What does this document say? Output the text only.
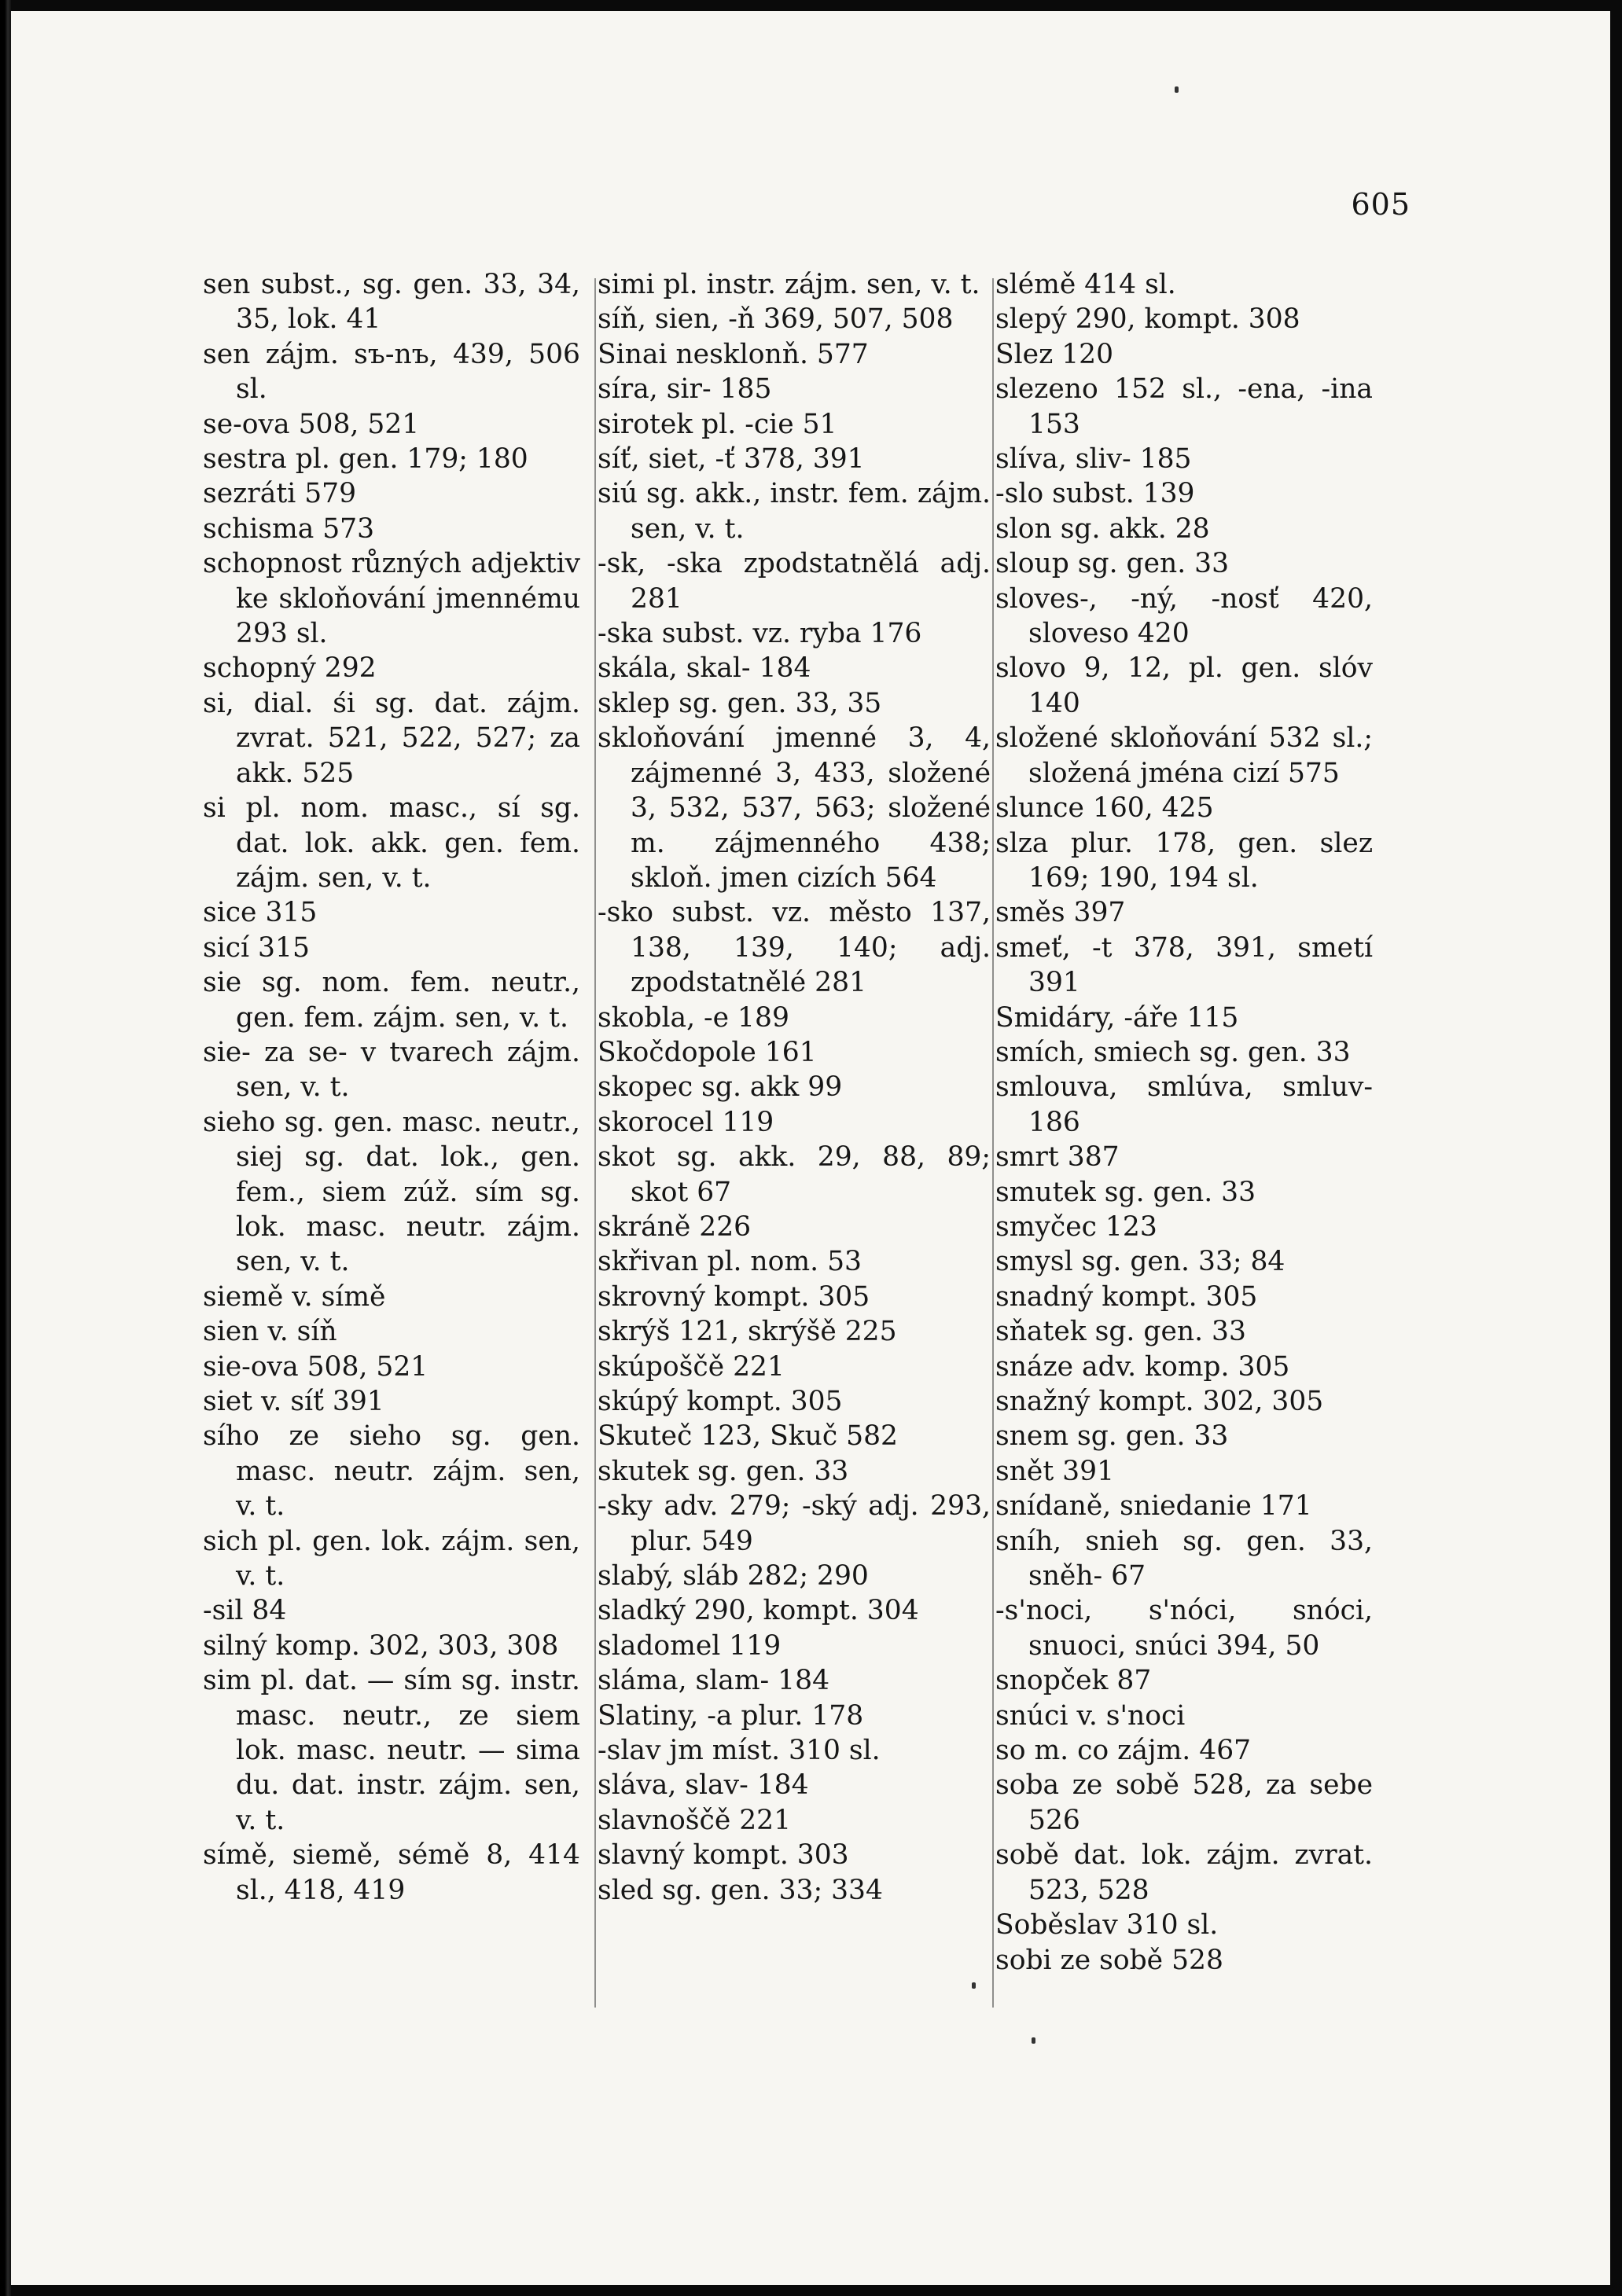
605

sen subst., sg. gen. 33, 34, 35, lok. 41

sen zájm. sъ-nъ, 439, 506 sl.

se-ova 508, 521

sestra pl. gen. 179; 180

sezráti 579

schisma 573

schopnost různých adjektiv ke skloňování jmennému 293 sl.

schopný 292

si, dial. śi sg. dat. zájm. zvrat. 521, 522, 527; za akk. 525

si pl. nom. masc., sí sg. dat. lok. akk. gen. fem. zájm. sen, v. t.

sice 315

sicí 315

sie sg. nom. fem. neutr., gen. fem. zájm. sen, v. t.

sie- za se- v tvarech zájm. sen, v. t.

sieho sg. gen. masc. neutr., siej sg. dat. lok., gen. fem., siem zúž. sím sg. lok. masc. neutr. zájm. sen, v. t.

siemě v. símě

sien v. síň

sie-ova 508, 521

siet v. síť 391

sího ze sieho sg. gen. masc. neutr. zájm. sen, v. t.

sich pl. gen. lok. zájm. sen, v. t.

-sil 84

silný komp. 302, 303, 308

sim pl. dat. — sím sg. instr. masc. neutr., ze siem lok. masc. neutr. — sima du. dat. instr. zájm. sen, v. t.

símě, siemě, sémě 8, 414 sl., 418, 419

simi pl. instr. zájm. sen, v. t.

síň, sien, -ň 369, 507, 508

Sinai nesklonň. 577

síra, sir- 185

sirotek pl. -cie 51

síť, siet, -ť 378, 391

siú sg. akk., instr. fem. zájm. sen, v. t.

-sk, -ska zpodstatnělá adj. 281

-ska subst. vz. ryba 176

skála, skal- 184

sklep sg. gen. 33, 35

skloňování jmenné 3, 4, zájmenné 3, 433, složené 3, 532, 537, 563; složené m. zájmenného 438; skloň. jmen cizích 564

-sko subst. vz. město 137, 138, 139, 140; adj. zpodstatnělé 281

skobla, -e 189

Skočdopole 161

skopec sg. akk 99

skorocel 119

skot sg. akk. 29, 88, 89; skot 67

skráně 226

skřivan pl. nom. 53

skrovný kompt. 305

skrýš 121, skrýšě 225

skúpoščě 221

skúpý kompt. 305

Skuteč 123, Skuč 582

skutek sg. gen. 33

-sky adv. 279; -ský adj. 293, plur. 549

slabý, sláb 282; 290

sladký 290, kompt. 304

sladomel 119

sláma, slam- 184

Slatiny, -a plur. 178

-slav jm míst. 310 sl.

sláva, slav- 184

slavnoščě 221

slavný kompt. 303

sled sg. gen. 33; 334

slémě 414 sl.

slepý 290, kompt. 308

Slez 120

slezeno 152 sl., -ena, -ina 153

slíva, sliv- 185

-slo subst. 139

slon sg. akk. 28

sloup sg. gen. 33

sloves-, -ný, -nosť 420, sloveso 420

slovo 9, 12, pl. gen. slóv 140

složené skloňování 532 sl.; složená jména cizí 575

slunce 160, 425

slza plur. 178, gen. slez 169; 190, 194 sl.

směs 397

smeť, -t 378, 391, smetí 391

Smidáry, -áře 115

smích, smiech sg. gen. 33

smlouva, smlúva, smluv- 186

smrt 387

smutek sg. gen. 33

smyčec 123

smysl sg. gen. 33; 84

snadný kompt. 305

sňatek sg. gen. 33

snáze adv. komp. 305

snažný kompt. 302, 305

snem sg. gen. 33

snět 391

snídaně, sniedanie 171

sníh, snieh sg. gen. 33, sněh- 67

-s'noci, s'nóci, snóci, snuoci, snúci 394, 50

snopček 87

snúci v. s'noci

so m. co zájm. 467

soba ze sobě 528, za sebe 526

sobě dat. lok. zájm. zvrat. 523, 528

Soběslav 310 sl.

sobi ze sobě 528
